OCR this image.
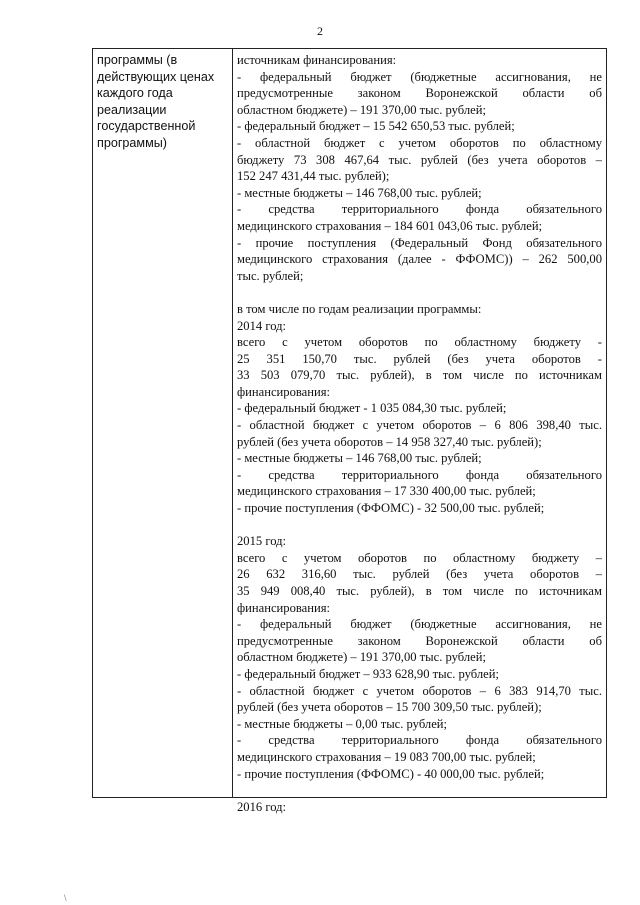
2
программы (в
действующих ценах
каждого года
реализации
государственной
программы)
источникам финансирования:
- федеральный бюджет (бюджетные ассигнования, не
предусмотренные законом Воронежской области об
областном бюджете) – 191 370,00 тыс. рублей;
- федеральный бюджет – 15 542 650,53 тыс. рублей;
- областной бюджет с учетом оборотов по областному
бюджету 73 308 467,64 тыс. рублей (без учета оборотов –
152 247 431,44 тыс. рублей);
- местные бюджеты – 146 768,00 тыс. рублей;
- средства территориального фонда обязательного
медицинского страхования – 184 601 043,06 тыс. рублей;
- прочие поступления (Федеральный Фонд обязательного
медицинского страхования (далее - ФФОМС)) – 262 500,00
тыс. рублей;
в том числе по годам реализации программы:
2014 год:
всего с учетом оборотов по областному бюджету -
25 351 150,70 тыс. рублей (без учета оборотов -
33 503 079,70 тыс. рублей), в том числе по источникам
финансирования:
- федеральный бюджет - 1 035 084,30 тыс. рублей;
- областной бюджет с учетом оборотов – 6 806 398,40 тыс.
рублей (без учета оборотов – 14 958 327,40 тыс. рублей);
- местные бюджеты – 146 768,00 тыс. рублей;
- средства территориального фонда обязательного
медицинского страхования – 17 330 400,00 тыс. рублей;
- прочие поступления (ФФОМС) - 32 500,00 тыс. рублей;
2015 год:
всего с учетом оборотов по областному бюджету –
26 632 316,60 тыс. рублей (без учета оборотов –
35 949 008,40 тыс. рублей), в том числе по источникам
финансирования:
- федеральный бюджет (бюджетные ассигнования, не
предусмотренные законом Воронежской области об
областном бюджете) – 191 370,00 тыс. рублей;
- федеральный бюджет – 933 628,90 тыс. рублей;
- областной бюджет с учетом оборотов – 6 383 914,70 тыс.
рублей (без учета оборотов – 15 700 309,50 тыс. рублей);
- местные бюджеты – 0,00 тыс. рублей;
- средства территориального фонда обязательного
медицинского страхования – 19 083 700,00 тыс. рублей;
- прочие поступления (ФФОМС) - 40 000,00 тыс. рублей;
2016 год:
\
